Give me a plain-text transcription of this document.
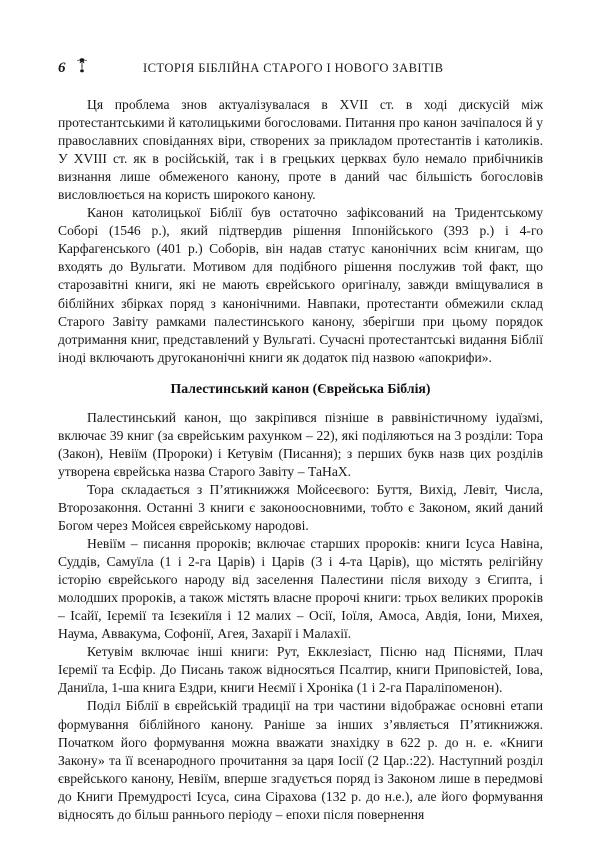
6	ІСТОРІЯ БІБЛІЙНА СТАРОГО І НОВОГО ЗАВІТІВ

Ця проблема знов актуалізувалася в XVII ст. в ході дискусій між протестантськими й католицькими богословами. Питання про канон зачіпалося й у православних сповіданнях віри, створених за прикладом протестантів і католиків. У XVIII ст. як в російській, так і в грецьких церквах було немало прибічників визнання лише обмеженого канону, проте в даний час більшість богословів висловлюється на користь широкого канону.

Канон католицької Біблії був остаточно зафіксований на Тридентському Соборі (1546 р.), який підтвердив рішення Іппонійського (393 р.) і 4-го Карфагенського (401 р.) Соборів, він надав статус канонічних всім книгам, що входять до Вульгати. Мотивом для подібного рішення послужив той факт, що старозавітні книги, які не мають єврейського оригіналу, завжди вміщувалися в біблійних збірках поряд з канонічними. Навпаки, протестанти обмежили склад Старого Завіту рамками палестинського канону, зберігши при цьому порядок дотримання книг, представлений у Вульгаті. Сучасні протестантські видання Біблії іноді включають другоканонічні книги як додаток під назвою «апокрифи».

Палестинський канон (Єврейська Біблія)

Палестинський канон, що закріпився пізніше в раввіністичному іудаїзмі, включає 39 книг (за єврейським рахунком – 22), які поділяються на 3 розділи: Тора (Закон), Невіїм (Пророки) і Кетувім (Писання); з перших букв назв цих розділів утворена єврейська назва Старого Завіту – ТаНаХ.

Тора складається з П’ятикнижжя Мойсеєвого: Буття, Вихід, Левіт, Числа, Второзаконня. Останні 3 книги є законоосновними, тобто є Законом, який даний Богом через Мойсея єврейському народові.

Невіїм – писання пророків; включає старших пророків: книги Ісуса Навіна, Суддів, Самуїла (1 і 2-га Царів) і Царів (3 і 4-та Царів), що містять релігійну історію єврейського народу від заселення Палестини після виходу з Єгипта, і молодших пророків, а також містять власне пророчі книги: трьох великих пророків – Ісайї, Ієремії та Ієзекиїля і 12 малих – Осії, Іоїля, Амоса, Авдія, Іони, Михея, Наума, Аввакума, Софонії, Агея, Захарії і Малахії.

Кетувім включає інші книги: Рут, Екклезіаст, Пісню над Піснями, Плач Ієремії та Есфір. До Писань також відносяться Псалтир, книги Приповістей, Іова, Даниїла, 1-ша книга Ездри, книги Неємії і Хроніка (1 і 2-га Параліпоменон).

Поділ Біблії в єврейській традиції на три частини відображає основні етапи формування біблійного канону. Раніше за інших з’являється П’ятикнижжя. Початком його формування можна вважати знахідку в 622 р. до н. е. «Книги Закону» та її всенародного прочитання за царя Іосії (2 Цар.:22). Наступний розділ єврейського канону, Невіїм, вперше згадується поряд із Законом лише в передмові до Книги Премудрості Ісуса, сина Сірахова (132 р. до н.е.), але його формування відносять до більш раннього періоду – епохи після повернення
